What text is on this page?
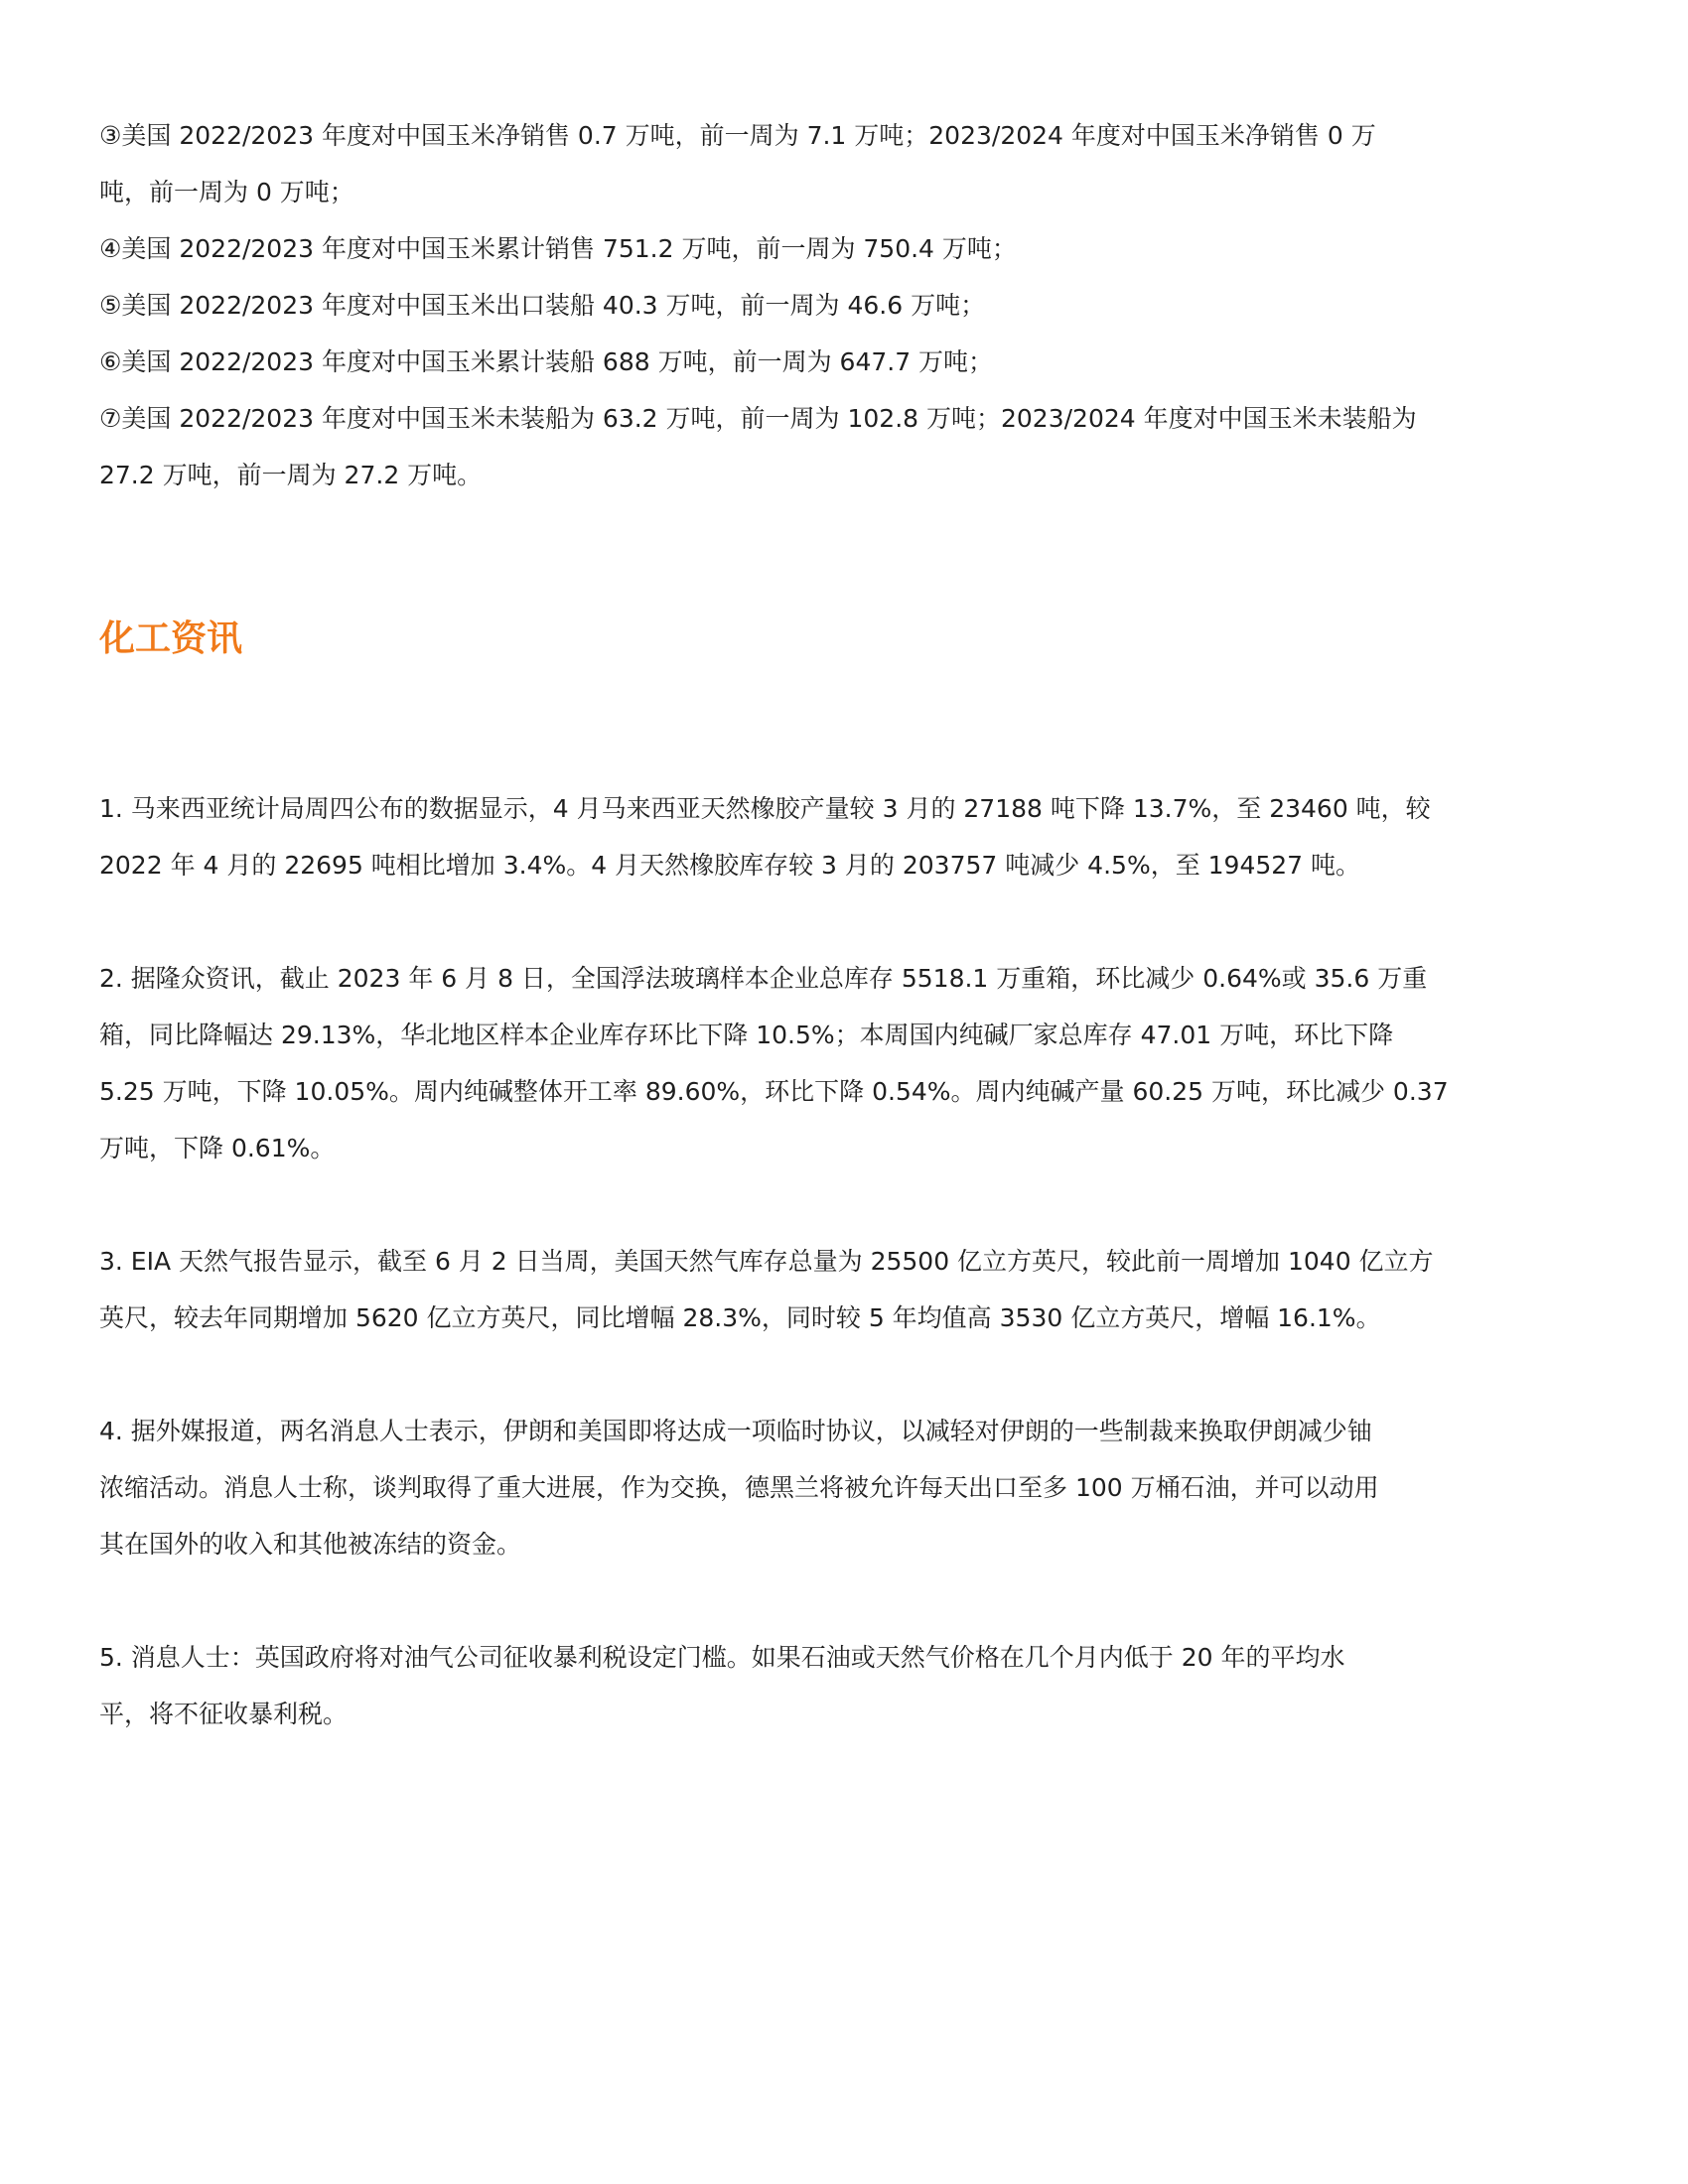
③美国 2022/2023 年度对中国玉米净销售 0.7 万吨，前一周为 7.1 万吨；2023/2024 年度对中国玉米净销售 0 万

吨，前一周为 0 万吨；

④美国 2022/2023 年度对中国玉米累计销售 751.2 万吨，前一周为 750.4 万吨；

⑤美国 2022/2023 年度对中国玉米出口装船 40.3 万吨，前一周为 46.6 万吨；

⑥美国 2022/2023 年度对中国玉米累计装船 688 万吨，前一周为 647.7 万吨；

⑦美国 2022/2023 年度对中国玉米未装船为 63.2 万吨，前一周为 102.8 万吨；2023/2024 年度对中国玉米未装船为

27.2 万吨，前一周为 27.2 万吨。

化工资讯

1. 马来西亚统计局周四公布的数据显示，4 月马来西亚天然橡胶产量较 3 月的 27188 吨下降 13.7%，至 23460 吨，较

2022 年 4 月的 22695 吨相比增加 3.4%。4 月天然橡胶库存较 3 月的 203757 吨减少 4.5%，至 194527 吨。

2. 据隆众资讯，截止 2023 年 6 月 8 日，全国浮法玻璃样本企业总库存 5518.1 万重箱，环比减少 0.64%或 35.6 万重

箱，同比降幅达 29.13%，华北地区样本企业库存环比下降 10.5%；本周国内纯碱厂家总库存 47.01 万吨，环比下降

5.25 万吨，下降 10.05%。周内纯碱整体开工率 89.60%，环比下降 0.54%。周内纯碱产量 60.25 万吨，环比减少 0.37

万吨，下降 0.61%。

3. EIA 天然气报告显示，截至 6 月 2 日当周，美国天然气库存总量为 25500 亿立方英尺，较此前一周增加 1040 亿立方

英尺，较去年同期增加 5620 亿立方英尺，同比增幅 28.3%，同时较 5 年均值高 3530 亿立方英尺，增幅 16.1%。

4. 据外媒报道，两名消息人士表示，伊朗和美国即将达成一项临时协议，以减轻对伊朗的一些制裁来换取伊朗减少铀

浓缩活动。消息人士称，谈判取得了重大进展，作为交换，德黑兰将被允许每天出口至多 100 万桶石油，并可以动用

其在国外的收入和其他被冻结的资金。

5. 消息人士：英国政府将对油气公司征收暴利税设定门槛。如果石油或天然气价格在几个月内低于 20 年的平均水

平，将不征收暴利税。
